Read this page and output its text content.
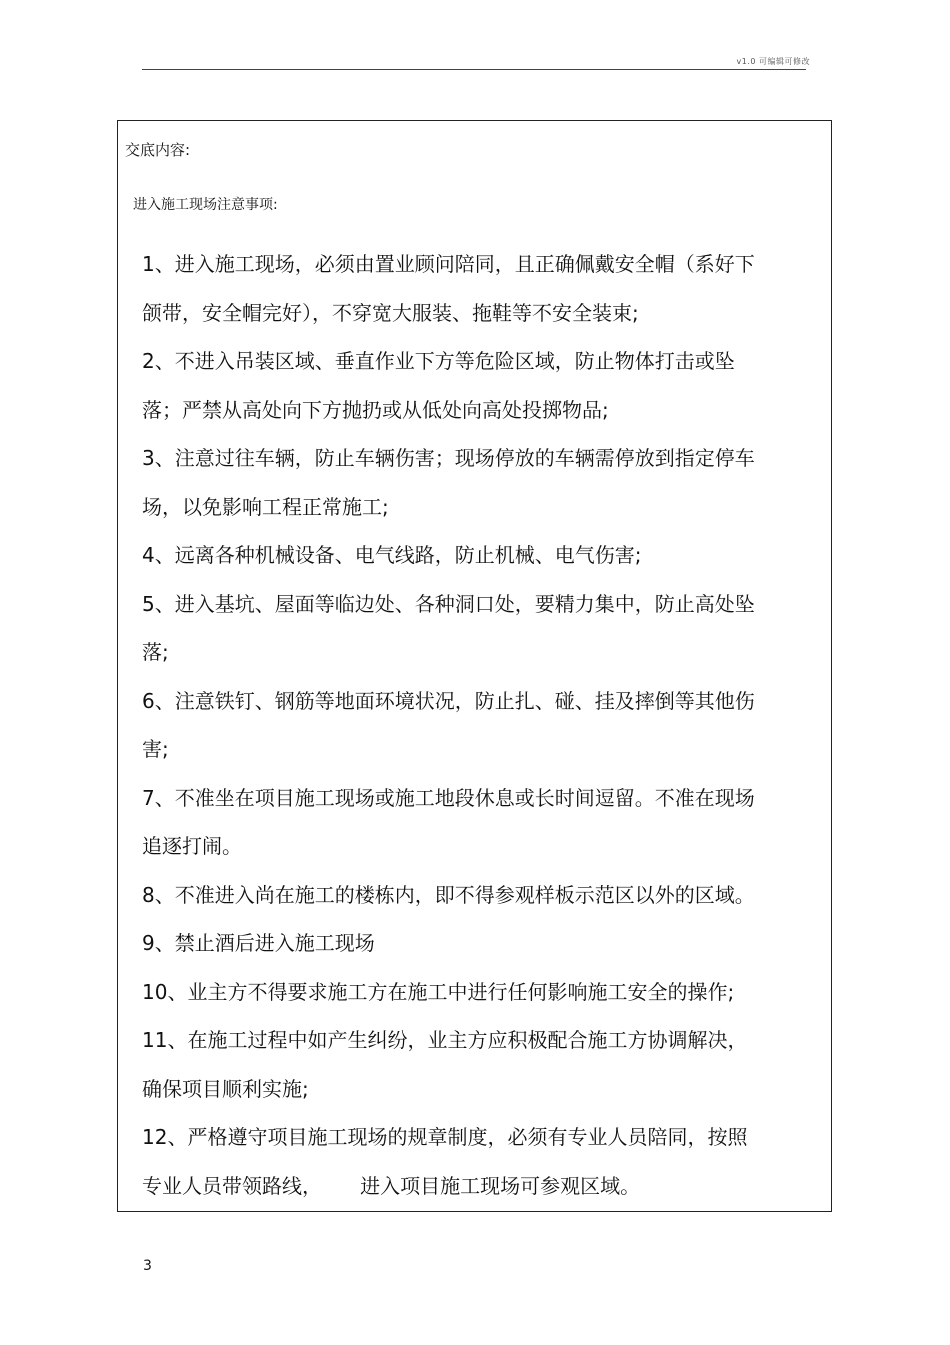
v1.0 可编辑可修改
交底内容:
进入施工现场注意事项:
1、进入施工现场，必须由置业顾问陪同，且正确佩戴安全帽（系好下
颌带，安全帽完好），不穿宽大服装、拖鞋等不安全装束;
2、不进入吊装区域、垂直作业下方等危险区域，防止物体打击或坠
落；严禁从高处向下方抛扔或从低处向高处投掷物品;
3、注意过往车辆，防止车辆伤害；现场停放的车辆需停放到指定停车
场，以免影响工程正常施工;
4、远离各种机械设备、电气线路，防止机械、电气伤害;
5、进入基坑、屋面等临边处、各种洞口处，要精力集中，防止高处坠
落;
6、注意铁钉、钢筋等地面环境状况，防止扎、碰、挂及摔倒等其他伤
害;
7、不准坐在项目施工现场或施工地段休息或长时间逗留。不准在现场
追逐打闹。
8、不准进入尚在施工的楼栋内，即不得参观样板示范区以外的区域。
9、禁止酒后进入施工现场
10、业主方不得要求施工方在施工中进行任何影响施工安全的操作;
11、在施工过程中如产生纠纷，业主方应积极配合施工方协调解决，
确保项目顺利实施;
12、严格遵守项目施工现场的规章制度，必须有专业人员陪同，按照
专业人员带领路线，      进入项目施工现场可参观区域。
3
